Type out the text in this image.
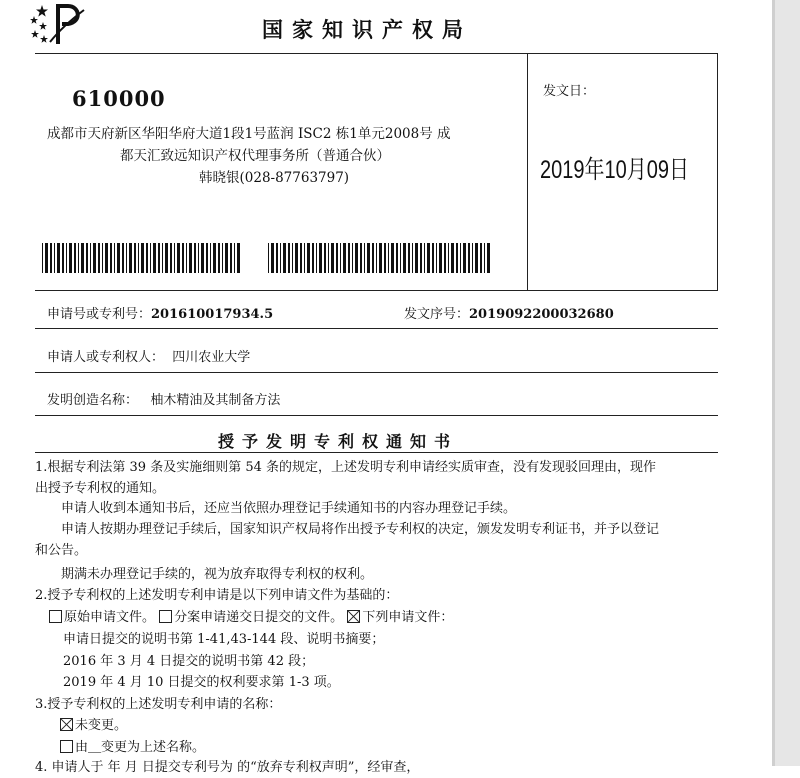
国家知识产权局
610000
成都市天府新区华阳华府大道1段1号蓝润 ISC2 栋1单元2008号 成
都天汇致远知识产权代理事务所（普通合伙）
韩晓银(028-87763797)
发文日：
2019年10月09日
申请号或专利号：201610017934.5	发文序号：2019092200032680
申请人或专利权人： 四川农业大学
发明创造名称： 柚木精油及其制备方法
授予发明专利权通知书
1.根据专利法第 39 条及实施细则第 54 条的规定，上述发明专利申请经实质审查，没有发现驳回理由，现作
出授予专利权的通知。
申请人收到本通知书后，还应当依照办理登记手续通知书的内容办理登记手续。
申请人按期办理登记手续后，国家知识产权局将作出授予专利权的决定，颁发发明专利证书，并予以登记
和公告。
期满未办理登记手续的，视为放弃取得专利权的权利。
2.授予专利权的上述发明专利申请是以下列申请文件为基础的：
原始申请文件。 分案申请递交日提交的文件。 下列申请文件：
申请日提交的说明书第 1-41,43-144 段、说明书摘要；
2016 年 3 月 4 日提交的说明书第 42 段；
2019 年 4 月 10 日提交的权利要求第 1-3 项。
3.授予专利权的上述发明专利申请的名称：
未变更。
由＿变更为上述名称。
4. 申请人于 年 月 日提交专利号为 的“放弃专利权声明”，经审查，
